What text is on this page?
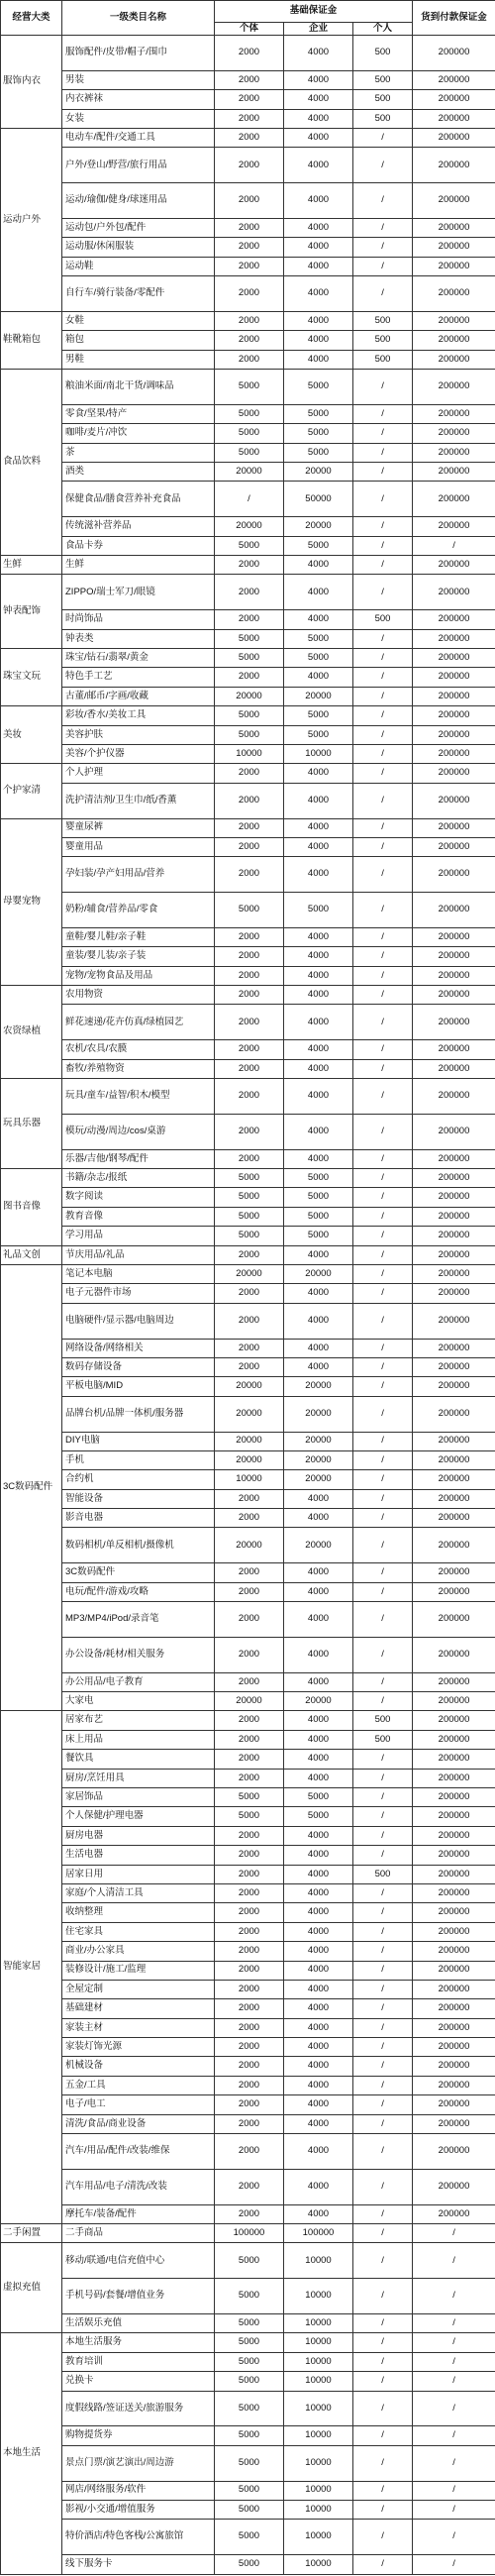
经营大类	一级类目名称	基础保证金			货到付款保证金
		个体	企业	个人	
服饰内衣	服饰配件/皮带/帽子/围巾	2000	4000	500	200000
	男装	2000	4000	500	200000
	内衣裤袜	2000	4000	500	200000
	女装	2000	4000	500	200000
运动户外	电动车/配件/交通工具	2000	4000	/	200000
	户外/登山/野营/旅行用品	2000	4000	/	200000
	运动/瑜伽/健身/球迷用品	2000	4000	/	200000
	运动包/户外包/配件	2000	4000	/	200000
	运动服/休闲服装	2000	4000	/	200000
	运动鞋	2000	4000	/	200000
	自行车/骑行装备/零配件	2000	4000	/	200000
鞋靴箱包	女鞋	2000	4000	500	200000
	箱包	2000	4000	500	200000
	男鞋	2000	4000	500	200000
食品饮料	粮油米面/南北干货/调味品	5000	5000	/	200000
	零食/坚果/特产	5000	5000	/	200000
	咖啡/麦片/冲饮	5000	5000	/	200000
	茶	5000	5000	/	200000
	酒类	20000	20000	/	200000
	保健食品/膳食营养补充食品	/	50000	/	200000
	传统滋补营养品	20000	20000	/	200000
	食品卡券	5000	5000	/	/
生鲜	生鲜	2000	4000	/	200000
钟表配饰	ZIPPO/瑞士军刀/眼镜	2000	4000	/	200000
	时尚饰品	2000	4000	500	200000
	钟表类	5000	5000	/	200000
珠宝文玩	珠宝/钻石/翡翠/黄金	5000	5000	/	200000
	特色手工艺	2000	4000	/	200000
	古董/邮币/字画/收藏	20000	20000	/	200000
美妆	彩妆/香水/美妆工具	5000	5000	/	200000
	美容护肤	5000	5000	/	200000
	美容/个护仪器	10000	10000	/	200000
个护家清	个人护理	2000	4000	/	200000
	洗护清洁剂/卫生巾/纸/香薰	2000	4000	/	200000
母婴宠物	婴童尿裤	2000	4000	/	200000
	婴童用品	2000	4000	/	200000
	孕妇装/孕产妇用品/营养	2000	4000	/	200000
	奶粉/辅食/营养品/零食	5000	5000	/	200000
	童鞋/婴儿鞋/亲子鞋	2000	4000	/	200000
	童装/婴儿装/亲子装	2000	4000	/	200000
	宠物/宠物食品及用品	2000	4000	/	200000
农资绿植	农用物资	2000	4000	/	200000
	鲜花速递/花卉仿真/绿植园艺	2000	4000	/	200000
	农机/农具/农膜	2000	4000	/	200000
	畜牧/养殖物资	2000	4000	/	200000
玩具乐器	玩具/童车/益智/积木/模型	2000	4000	/	200000
	模玩/动漫/周边/cos/桌游	2000	4000	/	200000
	乐器/吉他/钢琴/配件	2000	4000	/	200000
图书音像	书籍/杂志/报纸	5000	5000	/	200000
	数字阅读	5000	5000	/	200000
	教育音像	5000	5000	/	200000
	学习用品	5000	5000	/	200000
礼品文创	节庆用品/礼品	2000	4000	/	200000
3C数码配件	笔记本电脑	20000	20000	/	200000
	电子元器件市场	2000	4000	/	200000
	电脑硬件/显示器/电脑周边	2000	4000	/	200000
	网络设备/网络相关	2000	4000	/	200000
	数码存储设备	2000	4000	/	200000
	平板电脑/MID	20000	20000	/	200000
	品牌台机/品牌一体机/服务器	20000	20000	/	200000
	DIY电脑	20000	20000	/	200000
	手机	20000	20000	/	200000
	合约机	10000	20000	/	200000
	智能设备	2000	4000	/	200000
	影音电器	2000	4000	/	200000
	数码相机/单反相机/摄像机	20000	20000	/	200000
	3C数码配件	2000	4000	/	200000
	电玩/配件/游戏/攻略	2000	4000	/	200000
	MP3/MP4/iPod/录音笔	2000	4000	/	200000
	办公设备/耗材/相关服务	2000	4000	/	200000
	办公用品/电子教育	2000	4000	/	200000
	大家电	20000	20000	/	200000
智能家居	居家布艺	2000	4000	500	200000
	床上用品	2000	4000	500	200000
	餐饮具	2000	4000	/	200000
	厨房/烹饪用具	2000	4000	/	200000
	家居饰品	5000	5000	/	200000
	个人保健/护理电器	5000	5000	/	200000
	厨房电器	2000	4000	/	200000
	生活电器	2000	4000	/	200000
	居家日用	2000	4000	500	200000
	家庭/个人清洁工具	2000	4000	/	200000
	收纳整理	2000	4000	/	200000
	住宅家具	2000	4000	/	200000
	商业/办公家具	2000	4000	/	200000
	装修设计/施工/监理	2000	4000	/	200000
	全屋定制	2000	4000	/	200000
	基础建材	2000	4000	/	200000
	家装主材	2000	4000	/	200000
	家装灯饰光源	2000	4000	/	200000
	机械设备	2000	4000	/	200000
	五金/工具	2000	4000	/	200000
	电子/电工	2000	4000	/	200000
	清洗/食品/商业设备	2000	4000	/	200000
	汽车/用品/配件/改装/维保	2000	4000	/	200000
	汽车用品/电子/清洗/改装	2000	4000	/	200000
	摩托车/装备/配件	2000	4000	/	200000
二手闲置	二手商品	100000	100000	/	/
虚拟充值	移动/联通/电信充值中心	5000	10000	/	/
	手机号码/套餐/增值业务	5000	10000	/	/
	生活娱乐充值	5000	10000	/	/
本地生活	本地生活服务	5000	10000	/	/
	教育培训	5000	10000	/	/
	兑换卡	5000	10000	/	/
	度假线路/签证送关/旅游服务	5000	10000	/	/
	购物提货券	5000	10000	/	/
	景点门票/演艺演出/周边游	5000	10000	/	/
	网店/网络服务/软件	5000	10000	/	/
	影视/小交通/增值服务	5000	10000	/	/
	特价酒店/特色客栈/公寓旅馆	5000	10000	/	/
	线下服务卡	5000	10000	/	/
